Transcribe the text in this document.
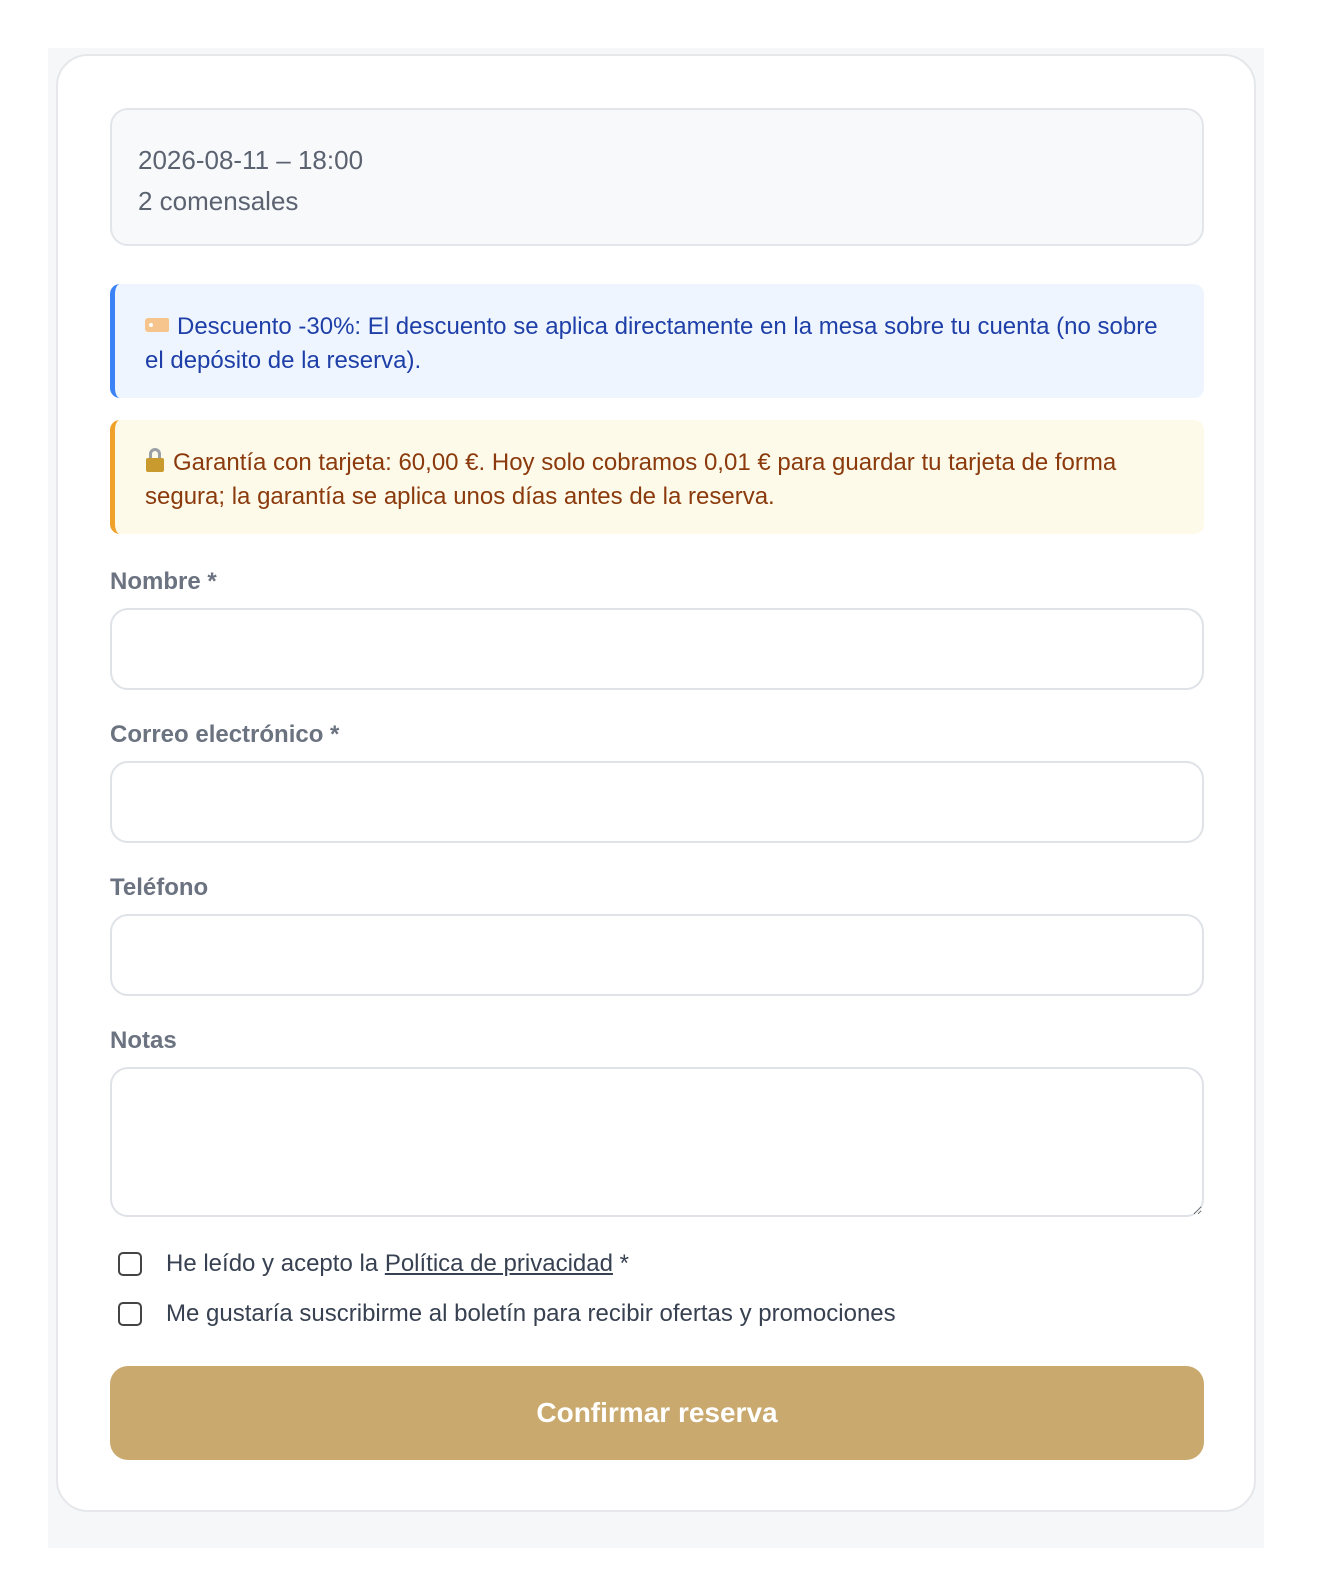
2026-08-11 – 18:00
2 comensales
Descuento -30%: El descuento se aplica directamente en la mesa sobre tu cuenta (no sobre el depósito de la reserva).
Garantía con tarjeta: 60,00 €. Hoy solo cobramos 0,01 € para guardar tu tarjeta de forma segura; la garantía se aplica unos días antes de la reserva.
Nombre *
Correo electrónico *
Teléfono
Notas
He leído y acepto la Política de privacidad *
Me gustaría suscribirme al boletín para recibir ofertas y promociones
Confirmar reserva
